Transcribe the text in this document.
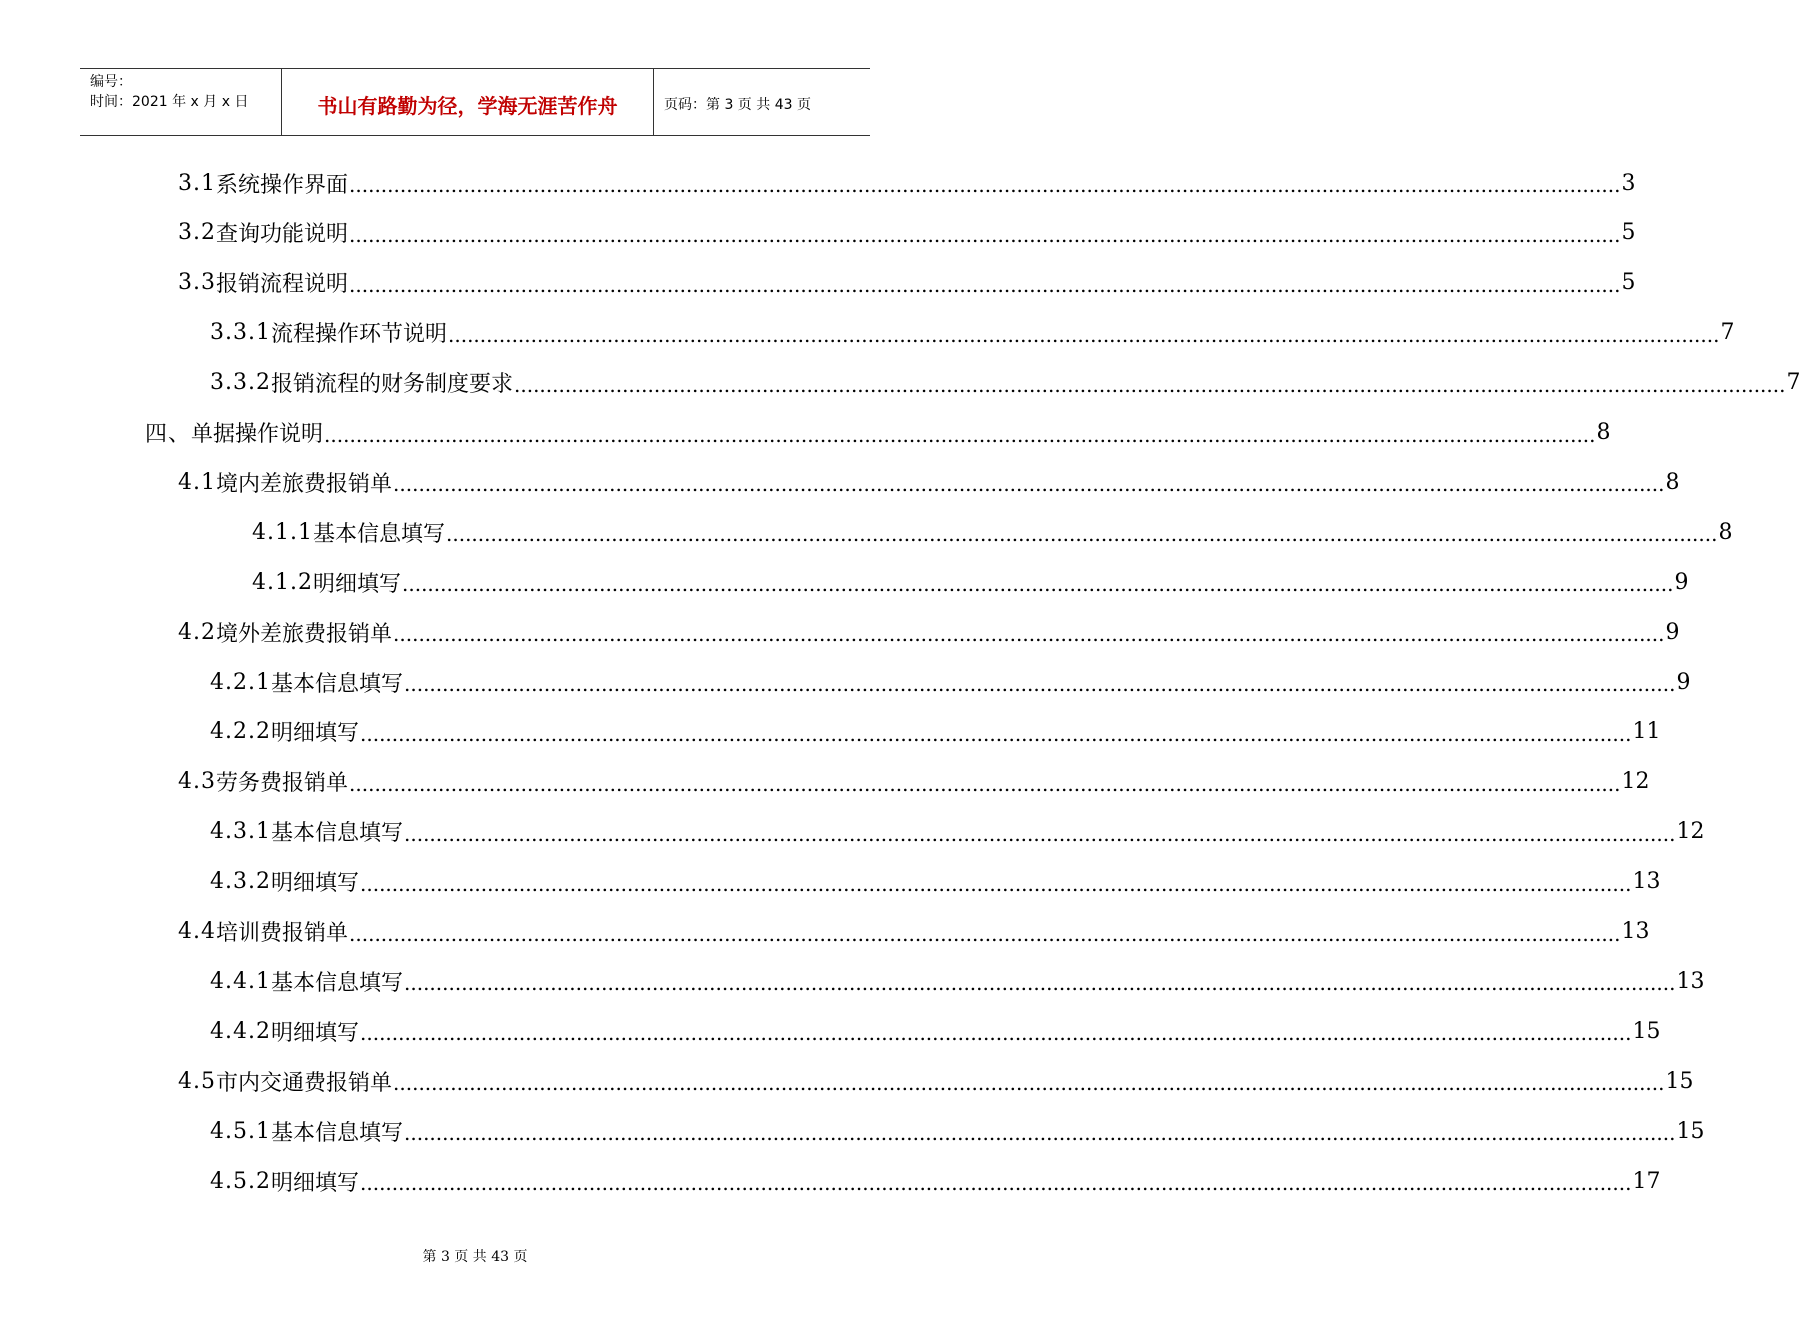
编号：
时间：2021 年 x 月 x 日	书山有路勤为径，学海无涯苦作舟	页码：第 3 页 共 43 页
3.1 系统操作界面 ........................................................................................................................................................................................................ 3
3.2 查询功能说明 ........................................................................................................................................................................................................ 5
3.3 报销流程说明 ........................................................................................................................................................................................................ 5
3.3.1 流程操作环节说明 ........................................................................................................................................................................................................ 7
3.3.2 报销流程的财务制度要求 ........................................................................................................................................................................................................ 7
四、 单据操作说明 ........................................................................................................................................................................................................ 8
4.1 境内差旅费报销单 ........................................................................................................................................................................................................ 8
4.1.1 基本信息填写 ........................................................................................................................................................................................................ 8
4.1.2 明细填写 ........................................................................................................................................................................................................ 9
4.2 境外差旅费报销单 ........................................................................................................................................................................................................ 9
4.2.1 基本信息填写 ........................................................................................................................................................................................................ 9
4.2.2 明细填写 ........................................................................................................................................................................................................ 11
4.3 劳务费报销单 ........................................................................................................................................................................................................ 12
4.3.1 基本信息填写 ........................................................................................................................................................................................................ 12
4.3.2 明细填写 ........................................................................................................................................................................................................ 13
4.4 培训费报销单 ........................................................................................................................................................................................................ 13
4.4.1 基本信息填写 ........................................................................................................................................................................................................ 13
4.4.2 明细填写 ........................................................................................................................................................................................................ 15
4.5 市内交通费报销单 ........................................................................................................................................................................................................ 15
4.5.1 基本信息填写 ........................................................................................................................................................................................................ 15
4.5.2 明细填写 ........................................................................................................................................................................................................ 17
第 3 页 共 43 页
